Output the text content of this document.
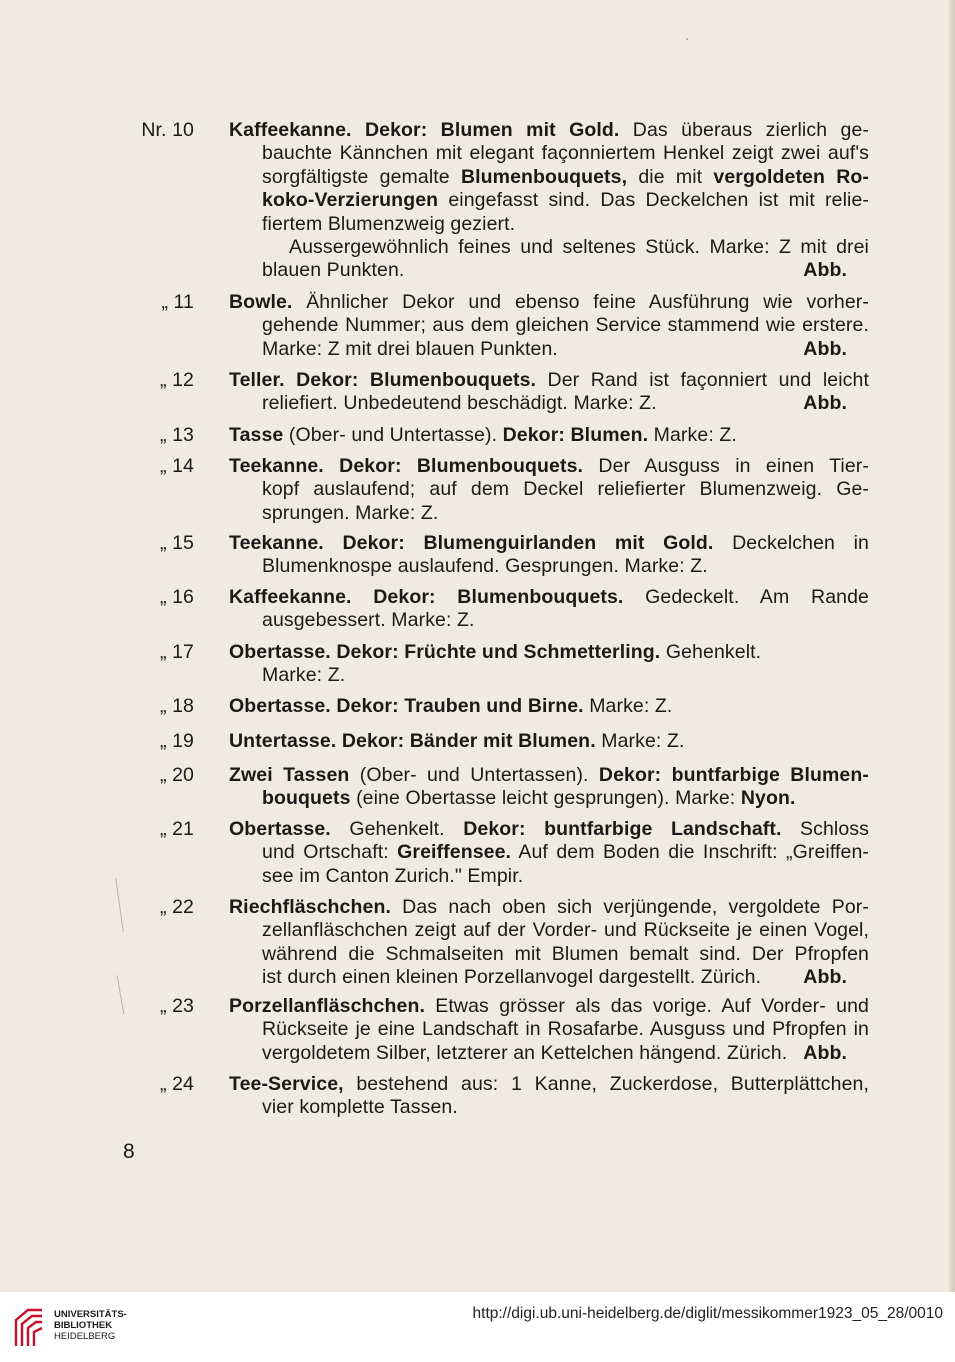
Nr. 10 Kaffeekanne. Dekor: Blumen mit Gold. Das überaus zierlich ge-
bauchte Kännchen mit elegant façonniertem Henkel zeigt zwei auf's
sorgfältigste gemalte Blumenbouquets, die mit vergoldeten Ro-
koko-Verzierungen eingefasst sind. Das Deckelchen ist mit relie-
fiertem Blumenzweig geziert.
Aussergewöhnlich feines und seltenes Stück. Marke: Z mit drei
blauen Punkten.	Abb.
„ 11 Bowle. Ähnlicher Dekor und ebenso feine Ausführung wie vorher-
gehende Nummer; aus dem gleichen Service stammend wie erstere.
Marke: Z mit drei blauen Punkten.	Abb.
„ 12 Teller. Dekor: Blumenbouquets. Der Rand ist façonniert und leicht
reliefiert. Unbedeutend beschädigt. Marke: Z.	Abb.
„ 13 Tasse (Ober- und Untertasse). Dekor: Blumen. Marke: Z.
„ 14 Teekanne. Dekor: Blumenbouquets. Der Ausguss in einen Tier-
kopf auslaufend; auf dem Deckel reliefierter Blumenzweig. Ge-
sprungen. Marke: Z.
„ 15 Teekanne. Dekor: Blumenguirlanden mit Gold. Deckelchen in
Blumenknospe auslaufend. Gesprungen. Marke: Z.
„ 16 Kaffeekanne. Dekor: Blumenbouquets. Gedeckelt. Am Rande
ausgebessert. Marke: Z.
„ 17 Obertasse. Dekor: Früchte und Schmetterling. Gehenkelt.
Marke: Z.
„ 18 Obertasse. Dekor: Trauben und Birne. Marke: Z.
„ 19 Untertasse. Dekor: Bänder mit Blumen. Marke: Z.
„ 20 Zwei Tassen (Ober- und Untertassen). Dekor: buntfarbige Blumen-
bouquets (eine Obertasse leicht gesprungen). Marke: Nyon.
„ 21 Obertasse. Gehenkelt. Dekor: buntfarbige Landschaft. Schloss
und Ortschaft: Greiffensee. Auf dem Boden die Inschrift: „Greiffen-
see im Canton Zurich." Empir.
„ 22 Riechfläschchen. Das nach oben sich verjüngende, vergoldete Por-
zellanfläschchen zeigt auf der Vorder- und Rückseite je einen Vogel,
während die Schmalseiten mit Blumen bemalt sind. Der Pfropfen
ist durch einen kleinen Porzellanvogel dargestellt. Zürich. Abb.
„ 23 Porzellanfläschchen. Etwas grösser als das vorige. Auf Vorder- und
Rückseite je eine Landschaft in Rosafarbe. Ausguss und Pfropfen in
vergoldetem Silber, letzterer an Kettelchen hängend. Zürich. Abb.
„ 24 Tee-Service, bestehend aus: 1 Kanne, Zuckerdose, Butterplättchen,
vier komplette Tassen.
8
UNIVERSITÄTS-
BIBLIOTHEK
HEIDELBERG
http://digi.ub.uni-heidelberg.de/diglit/messikommer1923_05_28/0010
